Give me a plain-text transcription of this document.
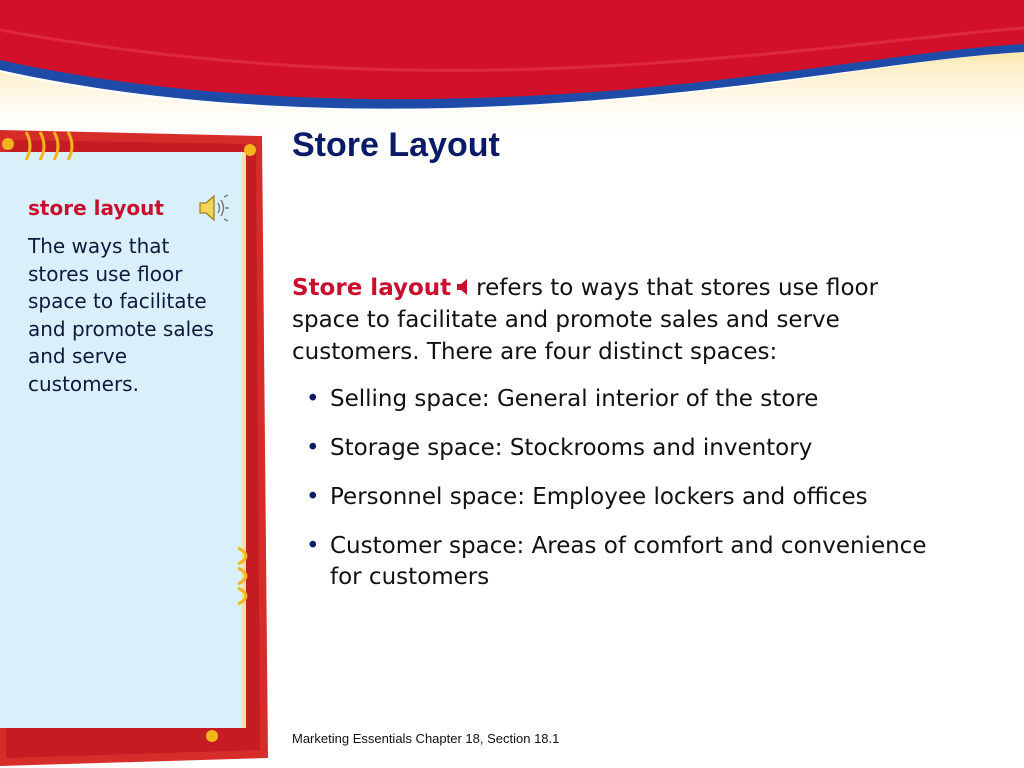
store layout

The ways that stores use floor space to facilitate and promote sales and serve customers.

Store Layout

Store layout refers to ways that stores use floor space to facilitate and promote sales and serve customers. There are four distinct spaces:

• Selling space: General interior of the store
• Storage space: Stockrooms and inventory
• Personnel space: Employee lockers and offices
• Customer space: Areas of comfort and convenience for customers

Marketing Essentials Chapter 18, Section 18.1
